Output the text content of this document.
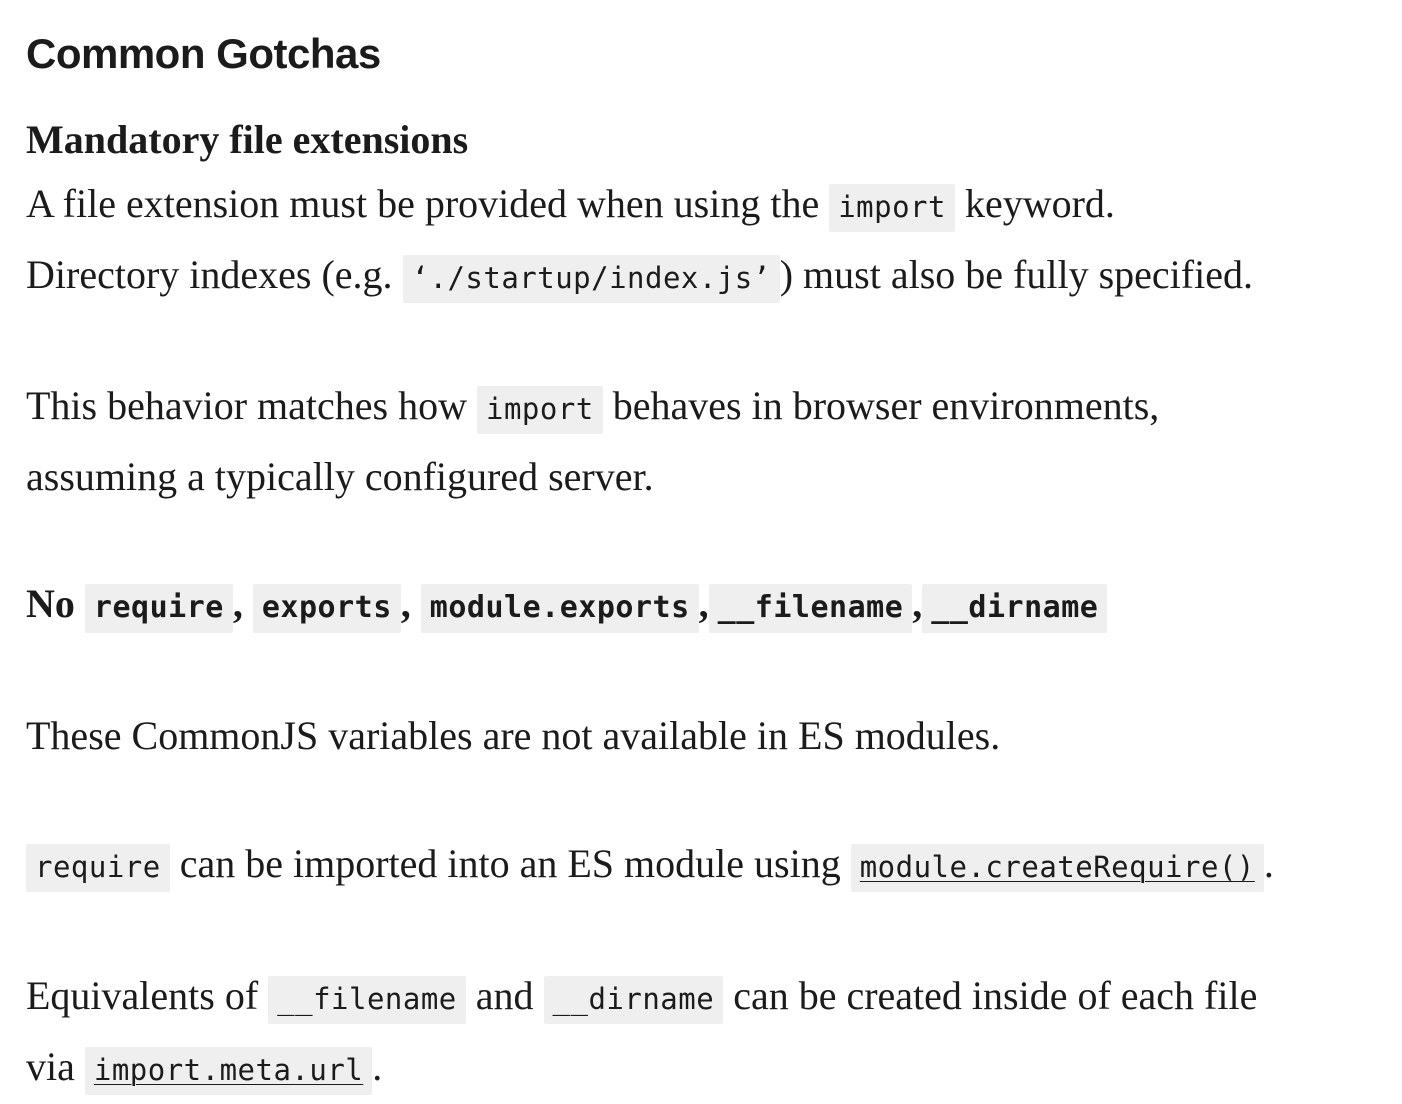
Common Gotchas
Mandatory file extensions

A file extension must be provided when using the import keyword.
Directory indexes (e.g. ‘./startup/index.js’ ) must also be fully specified.

This behavior matches how import behaves in browser environments,
assuming a typically configured server.

No require , exports , module.exports , __filename , __dirname

These CommonJS variables are not available in ES modules.

require can be imported into an ES module using module.createRequire() .

Equivalents of __filename and __dirname can be created inside of each file
via import.meta.url .
